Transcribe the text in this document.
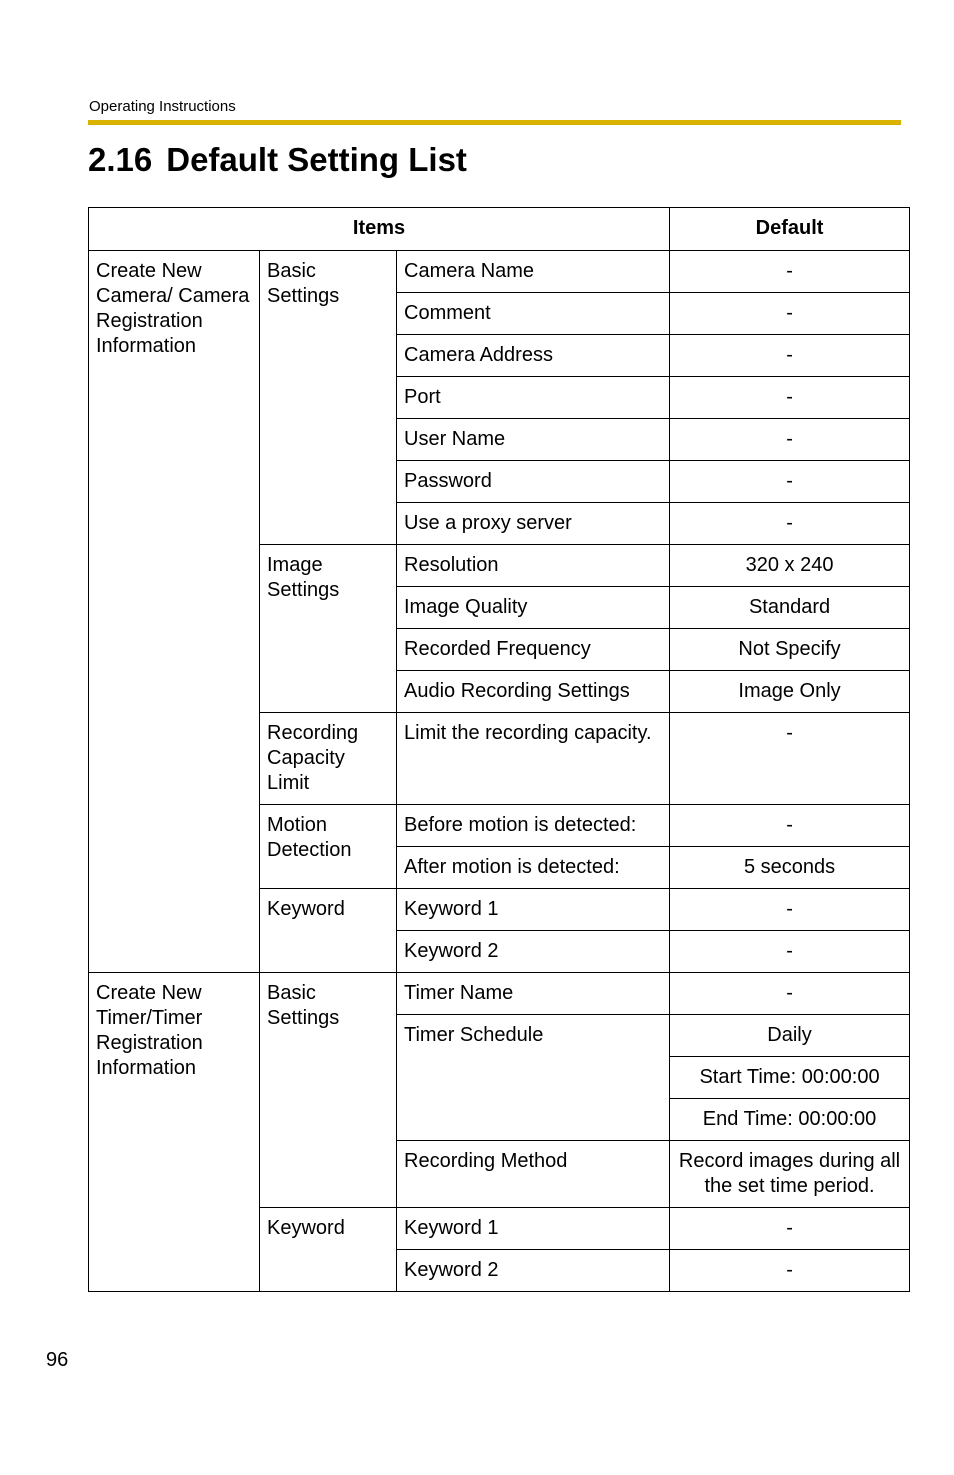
Operating Instructions
2.16 Default Setting List
Items			Default
Create New Camera/ Camera Registration Information	Basic Settings	Camera Name	-
		Comment	-
		Camera Address	-
		Port	-
		User Name	-
		Password	-
		Use a proxy server	-
	Image Settings	Resolution	320 x 240
		Image Quality	Standard
		Recorded Frequency	Not Specify
		Audio Recording Settings	Image Only
	Recording Capacity Limit	Limit the recording capacity.	-
	Motion Detection	Before motion is detected:	-
		After motion is detected:	5 seconds
	Keyword	Keyword 1	-
		Keyword 2	-
Create New Timer/Timer Registration Information	Basic Settings	Timer Name	-
		Timer Schedule	Daily
			Start Time: 00:00:00
			End Time: 00:00:00
		Recording Method	Record images during all the set time period.
	Keyword	Keyword 1	-
		Keyword 2	-
96
